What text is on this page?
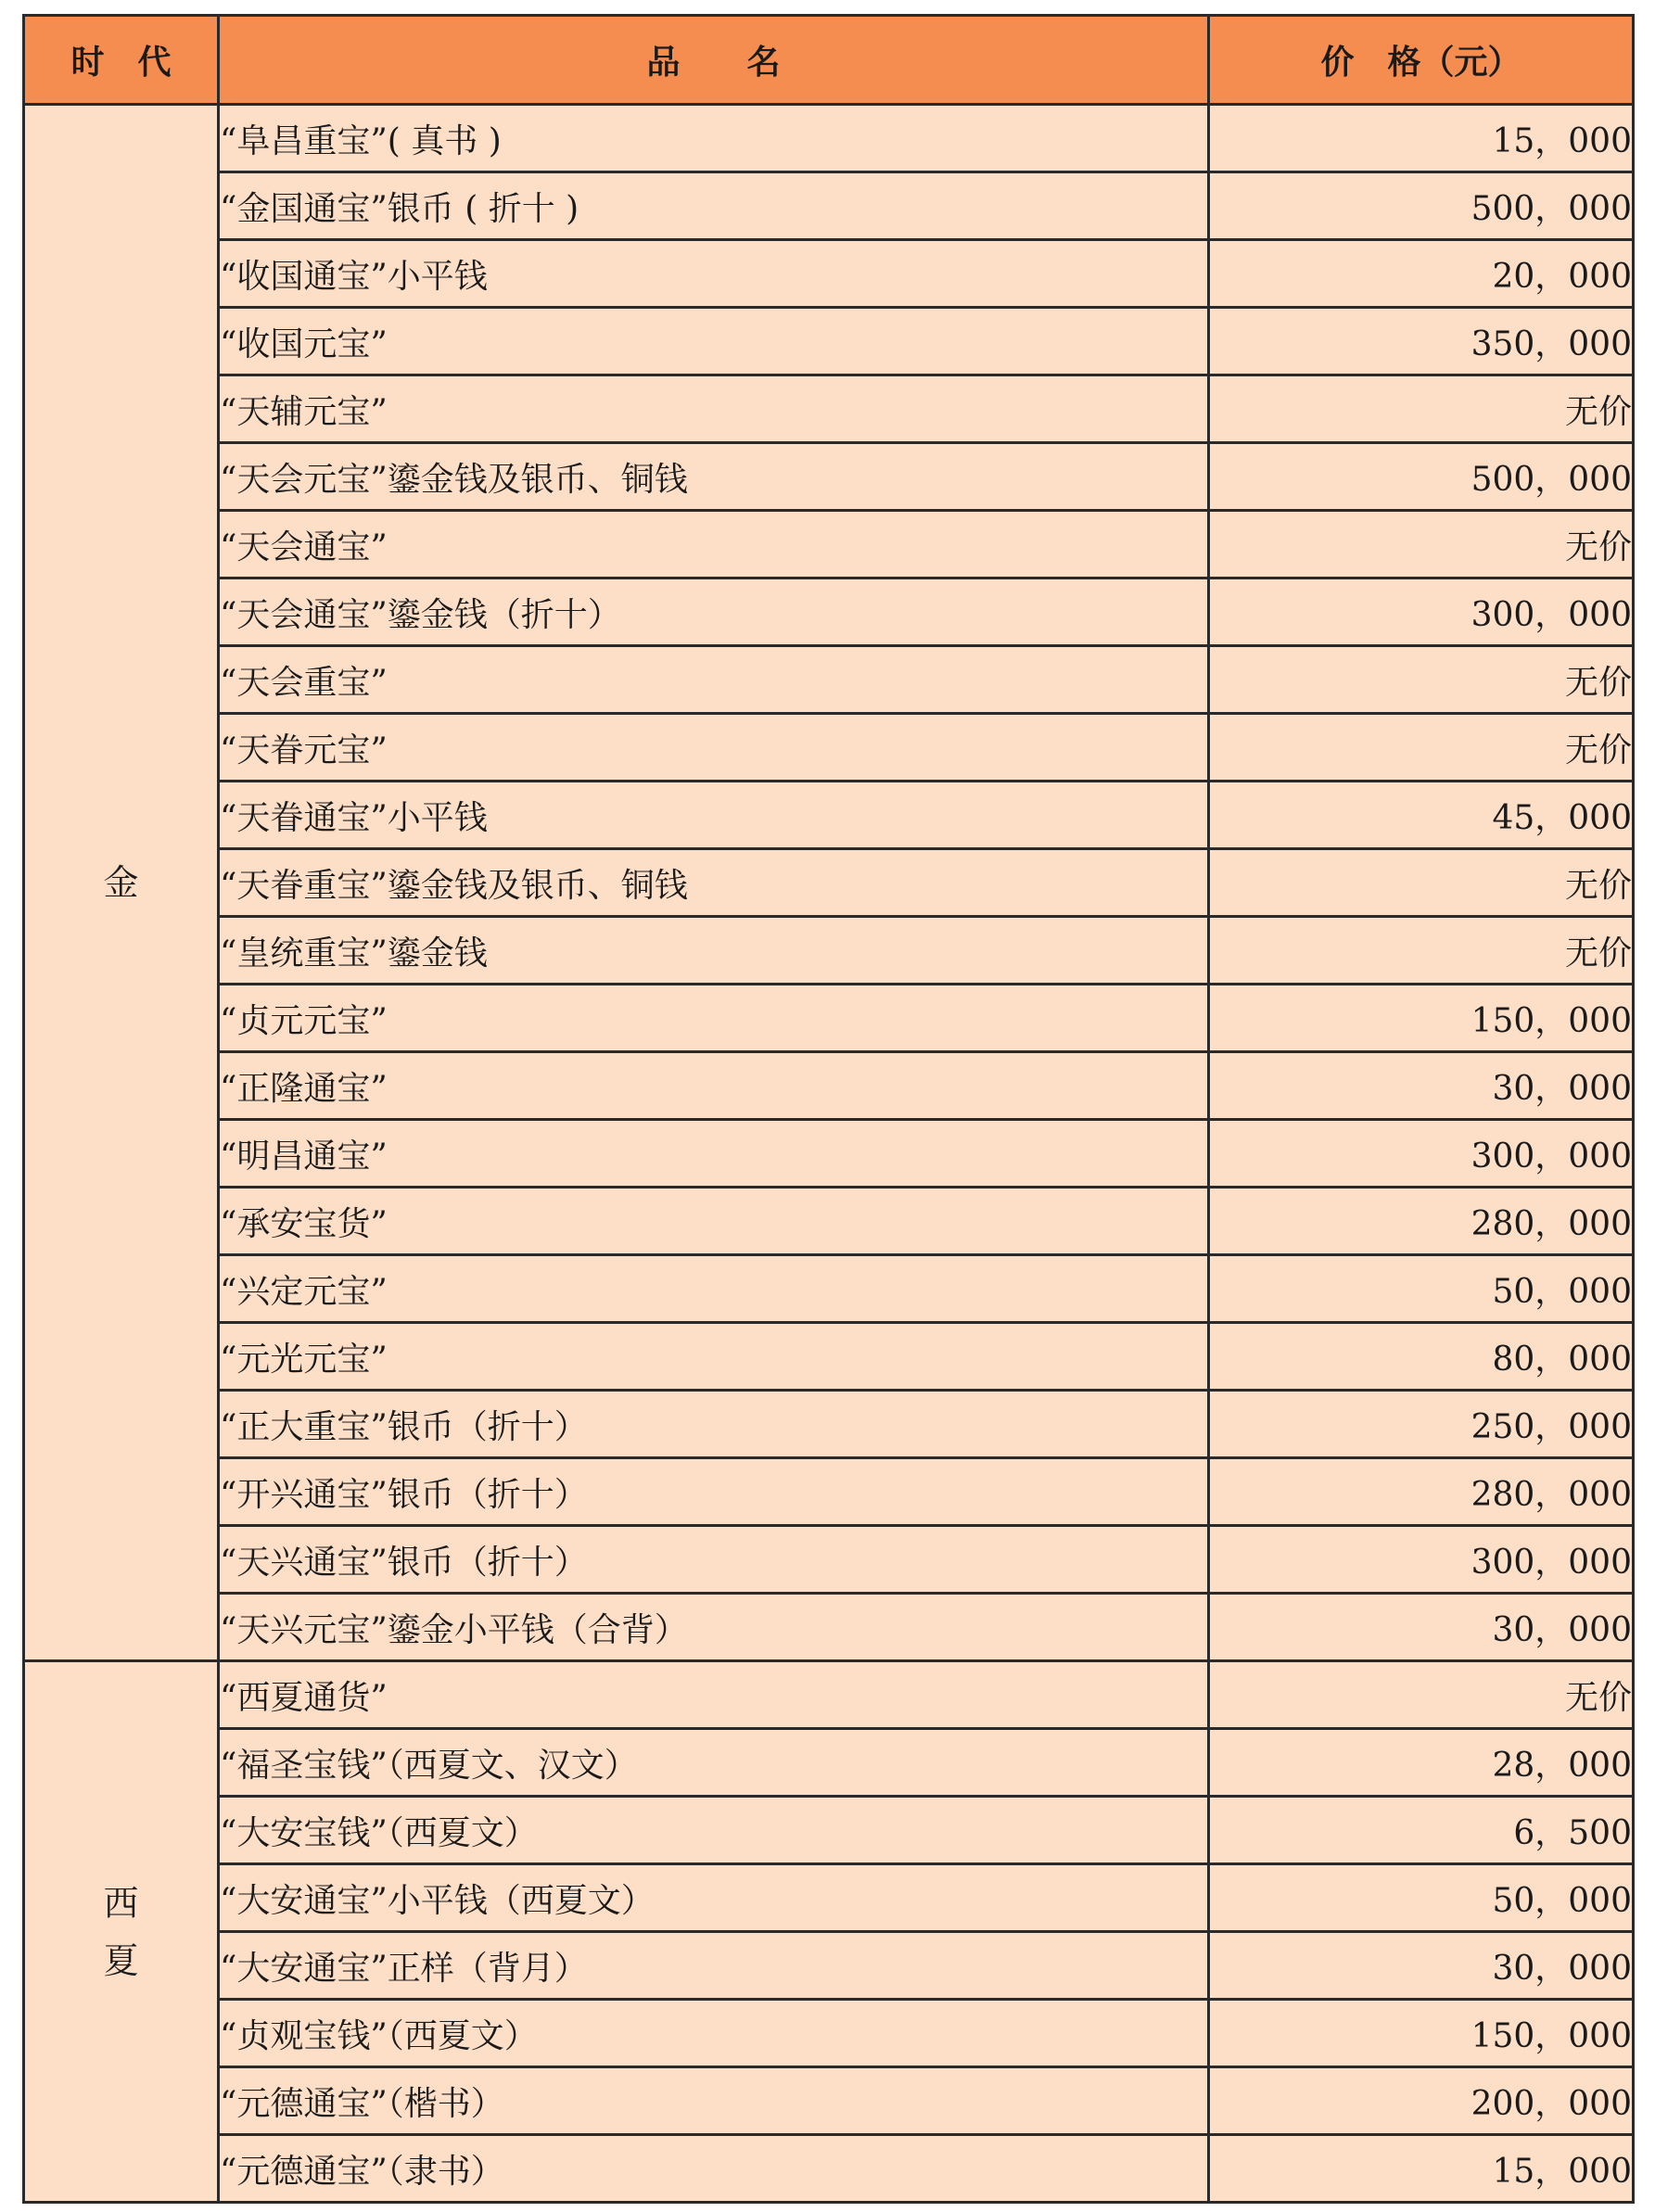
时　代	品　　名	价　格（元）
金	“阜昌重宝”( 真书 )	15，000
	“金国通宝”银币 ( 折十 )	500，000
	“收国通宝”小平钱	20，000
	“收国元宝”	350，000
	“天辅元宝”	无价
	“天会元宝”鎏金钱及银币、铜钱	500，000
	“天会通宝”	无价
	“天会通宝”鎏金钱（折十）	300，000
	“天会重宝”	无价
	“天眷元宝”	无价
	“天眷通宝”小平钱	45，000
	“天眷重宝”鎏金钱及银币、铜钱	无价
	“皇统重宝”鎏金钱	无价
	“贞元元宝”	150，000
	“正隆通宝”	30，000
	“明昌通宝”	300，000
	“承安宝货”	280，000
	“兴定元宝”	50，000
	“元光元宝”	80，000
	“正大重宝”银币（折十）	250，000
	“开兴通宝”银币（折十）	280，000
	“天兴通宝”银币（折十）	300，000
	“天兴元宝”鎏金小平钱（合背）	30，000
西
夏	“西夏通货”	无价
	“福圣宝钱”（西夏文、汉文）	28，000
	“大安宝钱”（西夏文）	6，500
	“大安通宝”小平钱（西夏文）	50，000
	“大安通宝”正样（背月）	30，000
	“贞观宝钱”（西夏文）	150，000
	“元德通宝”（楷书）	200，000
	“元德通宝”（隶书）	15，000
